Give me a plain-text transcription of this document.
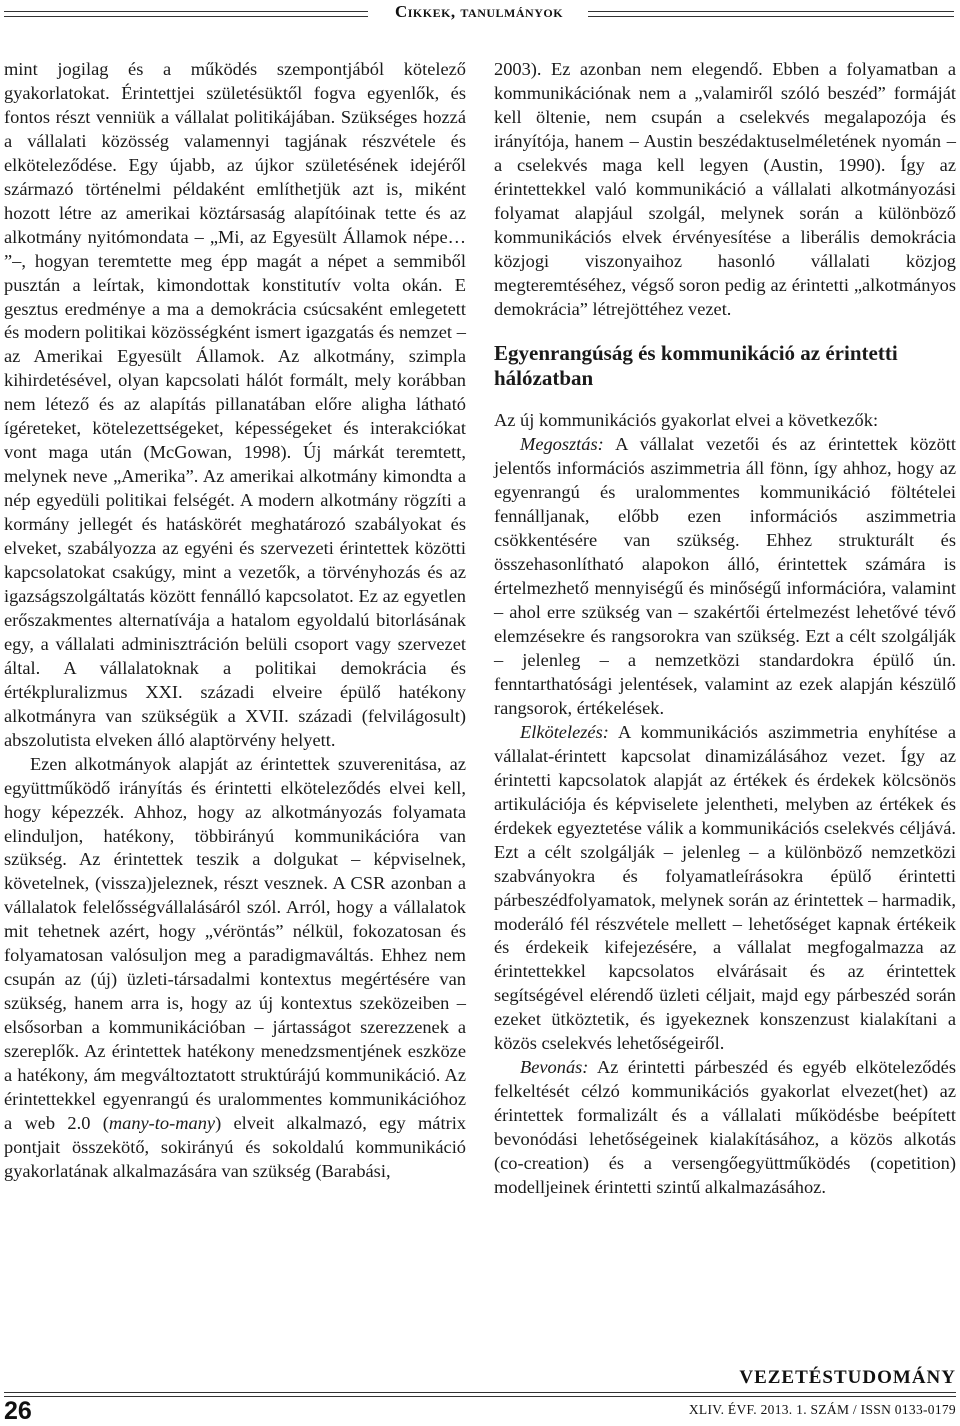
Cikkek, tanulmányok

mint jogilag és a működés szempontjából kötelező gyakorlatokat. Érintettjei születésüktől fogva egyenlők, és fontos részt venniük a vállalat politikájában. Szükséges hozzá a vállalati közösség valamennyi tagjának részvétele és elköteleződése. Egy újabb, az újkor születésének idejéről származó történelmi példaként említhetjük azt is, miként hozott létre az amerikai köztársaság alapítóinak tette és az alkotmány nyitómondata – „Mi, az Egyesült Államok népe… ”–, hogyan teremtette meg épp magát a népet a semmiből pusztán a leírtak, kimondottak konstitutív volta okán. E gesztus eredménye a ma a demokrácia csúcsaként emlegetett és modern politikai közösségként ismert igazgatás és nemzet – az Amerikai Egyesült Államok. Az alkotmány, szimpla kihirdetésével, olyan kapcsolati hálót formált, mely korábban nem létező és az alapítás pillanatában előre aligha látható ígéreteket, kötelezettségeket, képességeket és interakciókat vont maga után (McGowan, 1998). Új márkát teremtett, melynek neve „Amerika”. Az amerikai alkotmány kimondta a nép egyedüli politikai felségét. A modern alkotmány rögzíti a kormány jellegét és hatáskörét meghatározó szabályokat és elveket, szabályozza az egyéni és szervezeti érintettek közötti kapcsolatokat csakúgy, mint a vezetők, a törvényhozás és az igazságszolgáltatás között fennálló kapcsolatot. Ez az egyetlen erőszakmentes alternatívája a hatalom egyoldalú bitorlásának egy, a vállalati adminisztráción belüli csoport vagy szervezet által. A vállalatoknak a politikai demokrácia és értékpluralizmus XXI. századi elveire épülő hatékony alkotmányra van szükségük a XVII. századi (felvilágosult) abszolutista elveken álló alaptörvény helyett.

Ezen alkotmányok alapját az érintettek szuverenitása, az együttműködő irányítás és érintetti elköteleződés elvei kell, hogy képezzék. Ahhoz, hogy az alkotmányozás folyamata elinduljon, hatékony, többirányú kommunikációra van szükség. Az érintettek teszik a dolgukat – képviselnek, követelnek, (vissza)jeleznek, részt vesznek. A CSR azonban a vállalatok felelősségvállalásáról szól. Arról, hogy a vállalatok mit tehetnek azért, hogy „véröntás” nélkül, fokozatosan és folyamatosan valósuljon meg a paradigmaváltás. Ehhez nem csupán az (új) üzleti-társadalmi kontextus megértésére van szükség, hanem arra is, hogy az új kontextus szeközeiben – elsősorban a kommunikációban – jártasságot szerezzenek a szereplők. Az érintettek hatékony menedzsmentjének eszköze a hatékony, ám megváltoztatott struktúrájú kommunikáció. Az érintettekkel egyenrangú és uralommentes kommunikációhoz a web 2.0 (many-to-many) elveit alkalmazó, egy mátrix pontjait összekötő, sokirányú és sokoldalú kommunikáció gyakorlatának alkalmazására van szükség (Barabási,

2003). Ez azonban nem elegendő. Ebben a folyamatban a kommunikációnak nem a „valamiről szóló beszéd” formáját kell öltenie, nem csupán a cselekvés megalapozója és irányítója, hanem – Austin beszédaktuselméletének nyomán – a cselekvés maga kell legyen (Austin, 1990). Így az érintettekkel való kommunikáció a vállalati alkotmányozási folyamat alapjául szolgál, melynek során a különböző kommunikációs elvek érvényesítése a liberális demokrácia közjogi viszonyaihoz hasonló vállalati közjog megteremtéséhez, végső soron pedig az érintetti „alkotmányos demokrácia” létrejöttéhez vezet.

Egyenrangúság és kommunikáció az érintetti hálózatban

Az új kommunikációs gyakorlat elvei a következők:

Megosztás: A vállalat vezetői és az érintettek között jelentős információs aszimmetria áll fönn, így ahhoz, hogy az egyenrangú és uralommentes kommunikáció föltételei fennálljanak, előbb ezen információs aszimmetria csökkentésére van szükség. Ehhez strukturált és összehasonlítható alapokon álló, érintettek számára is értelmezhető mennyiségű és minőségű információra, valamint – ahol erre szükség van – szakértői értelmezést lehetővé tévő elemzésekre és rangsorokra van szükség. Ezt a célt szolgálják – jelenleg – a nemzetközi standardokra épülő ún. fenntarthatósági jelentések, valamint az ezek alapján készülő rangsorok, értékelések.

Elkötelezés: A kommunikációs aszimmetria enyhítése a vállalat-érintett kapcsolat dinamizálásához vezet. Így az érintetti kapcsolatok alapját az értékek és érdekek kölcsönös artikulációja és képviselete jelentheti, melyben az értékek és érdekek egyeztetése válik a kommunikációs cselekvés céljává. Ezt a célt szolgálják – jelenleg – a különböző nemzetközi szabványokra és folyamatleírásokra épülő érintetti párbeszédfolyamatok, melynek során az érintettek – harmadik, moderáló fél részvétele mellett – lehetőséget kapnak értékeik és érdekeik kifejezésére, a vállalat megfogalmazza az érintettekkel kapcsolatos elvárásait és az érintettek segítségével elérendő üzleti céljait, majd egy párbeszéd során ezeket ütköztetik, és igyekeznek konszenzust kialakítani a közös cselekvés lehetőségeiről.

Bevonás: Az érintetti párbeszéd és egyéb elköteleződés felkeltését célzó kommunikációs gyakorlat elvezet(het) az érintettek formalizált és a vállalati működésbe beépített bevonódási lehetőségeinek kialakításához, a közös alkotás (co-creation) és a versengőegyüttműködés (copetition) modelljeinek érintetti szintű alkalmazásához.

VEZETÉSTUDOMÁNY
26	XLIV. ÉVF. 2013. 1. SZÁM / ISSN 0133-0179
